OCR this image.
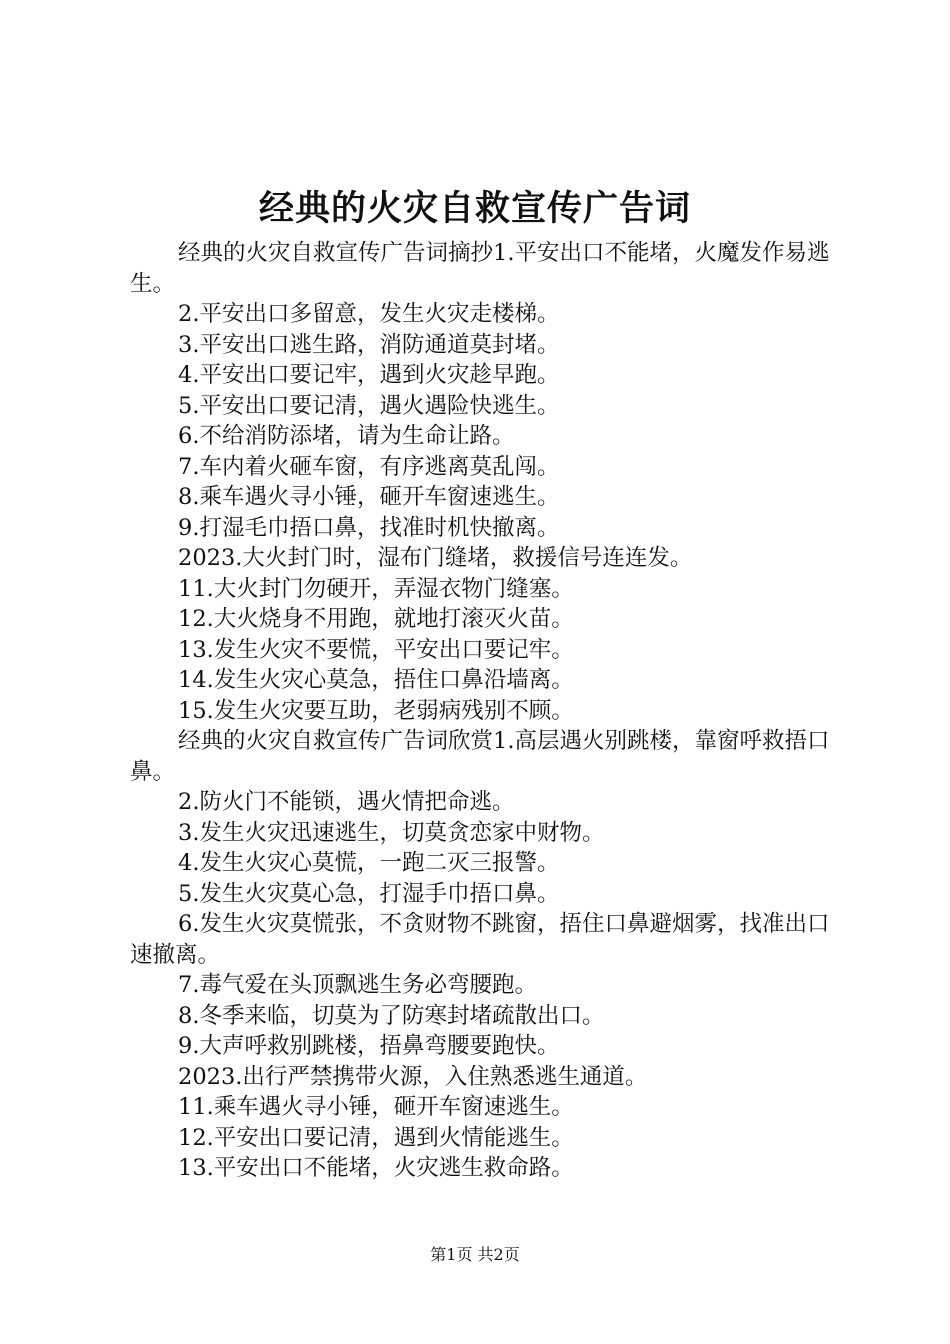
经典的火灾自救宣传广告词

经典的火灾自救宣传广告词摘抄1.平安出口不能堵，火魔发作易逃生。

2.平安出口多留意，发生火灾走楼梯。

3.平安出口逃生路，消防通道莫封堵。

4.平安出口要记牢，遇到火灾趁早跑。

5.平安出口要记清，遇火遇险快逃生。

6.不给消防添堵，请为生命让路。

7.车内着火砸车窗，有序逃离莫乱闯。

8.乘车遇火寻小锤，砸开车窗速逃生。

9.打湿毛巾捂口鼻，找准时机快撤离。

2023.大火封门时，湿布门缝堵，救援信号连连发。

11.大火封门勿硬开，弄湿衣物门缝塞。

12.大火烧身不用跑，就地打滚灭火苗。

13.发生火灾不要慌，平安出口要记牢。

14.发生火灾心莫急，捂住口鼻沿墙离。

15.发生火灾要互助，老弱病残别不顾。

经典的火灾自救宣传广告词欣赏1.高层遇火别跳楼，靠窗呼救捂口鼻。

2.防火门不能锁，遇火情把命逃。

3.发生火灾迅速逃生，切莫贪恋家中财物。

4.发生火灾心莫慌，一跑二灭三报警。

5.发生火灾莫心急，打湿手巾捂口鼻。

6.发生火灾莫慌张，不贪财物不跳窗，捂住口鼻避烟雾，找准出口速撤离。

7.毒气爱在头顶飘逃生务必弯腰跑。

8.冬季来临，切莫为了防寒封堵疏散出口。

9.大声呼救别跳楼，捂鼻弯腰要跑快。

2023.出行严禁携带火源，入住熟悉逃生通道。

11.乘车遇火寻小锤，砸开车窗速逃生。

12.平安出口要记清，遇到火情能逃生。

13.平安出口不能堵，火灾逃生救命路。

第1页 共2页
